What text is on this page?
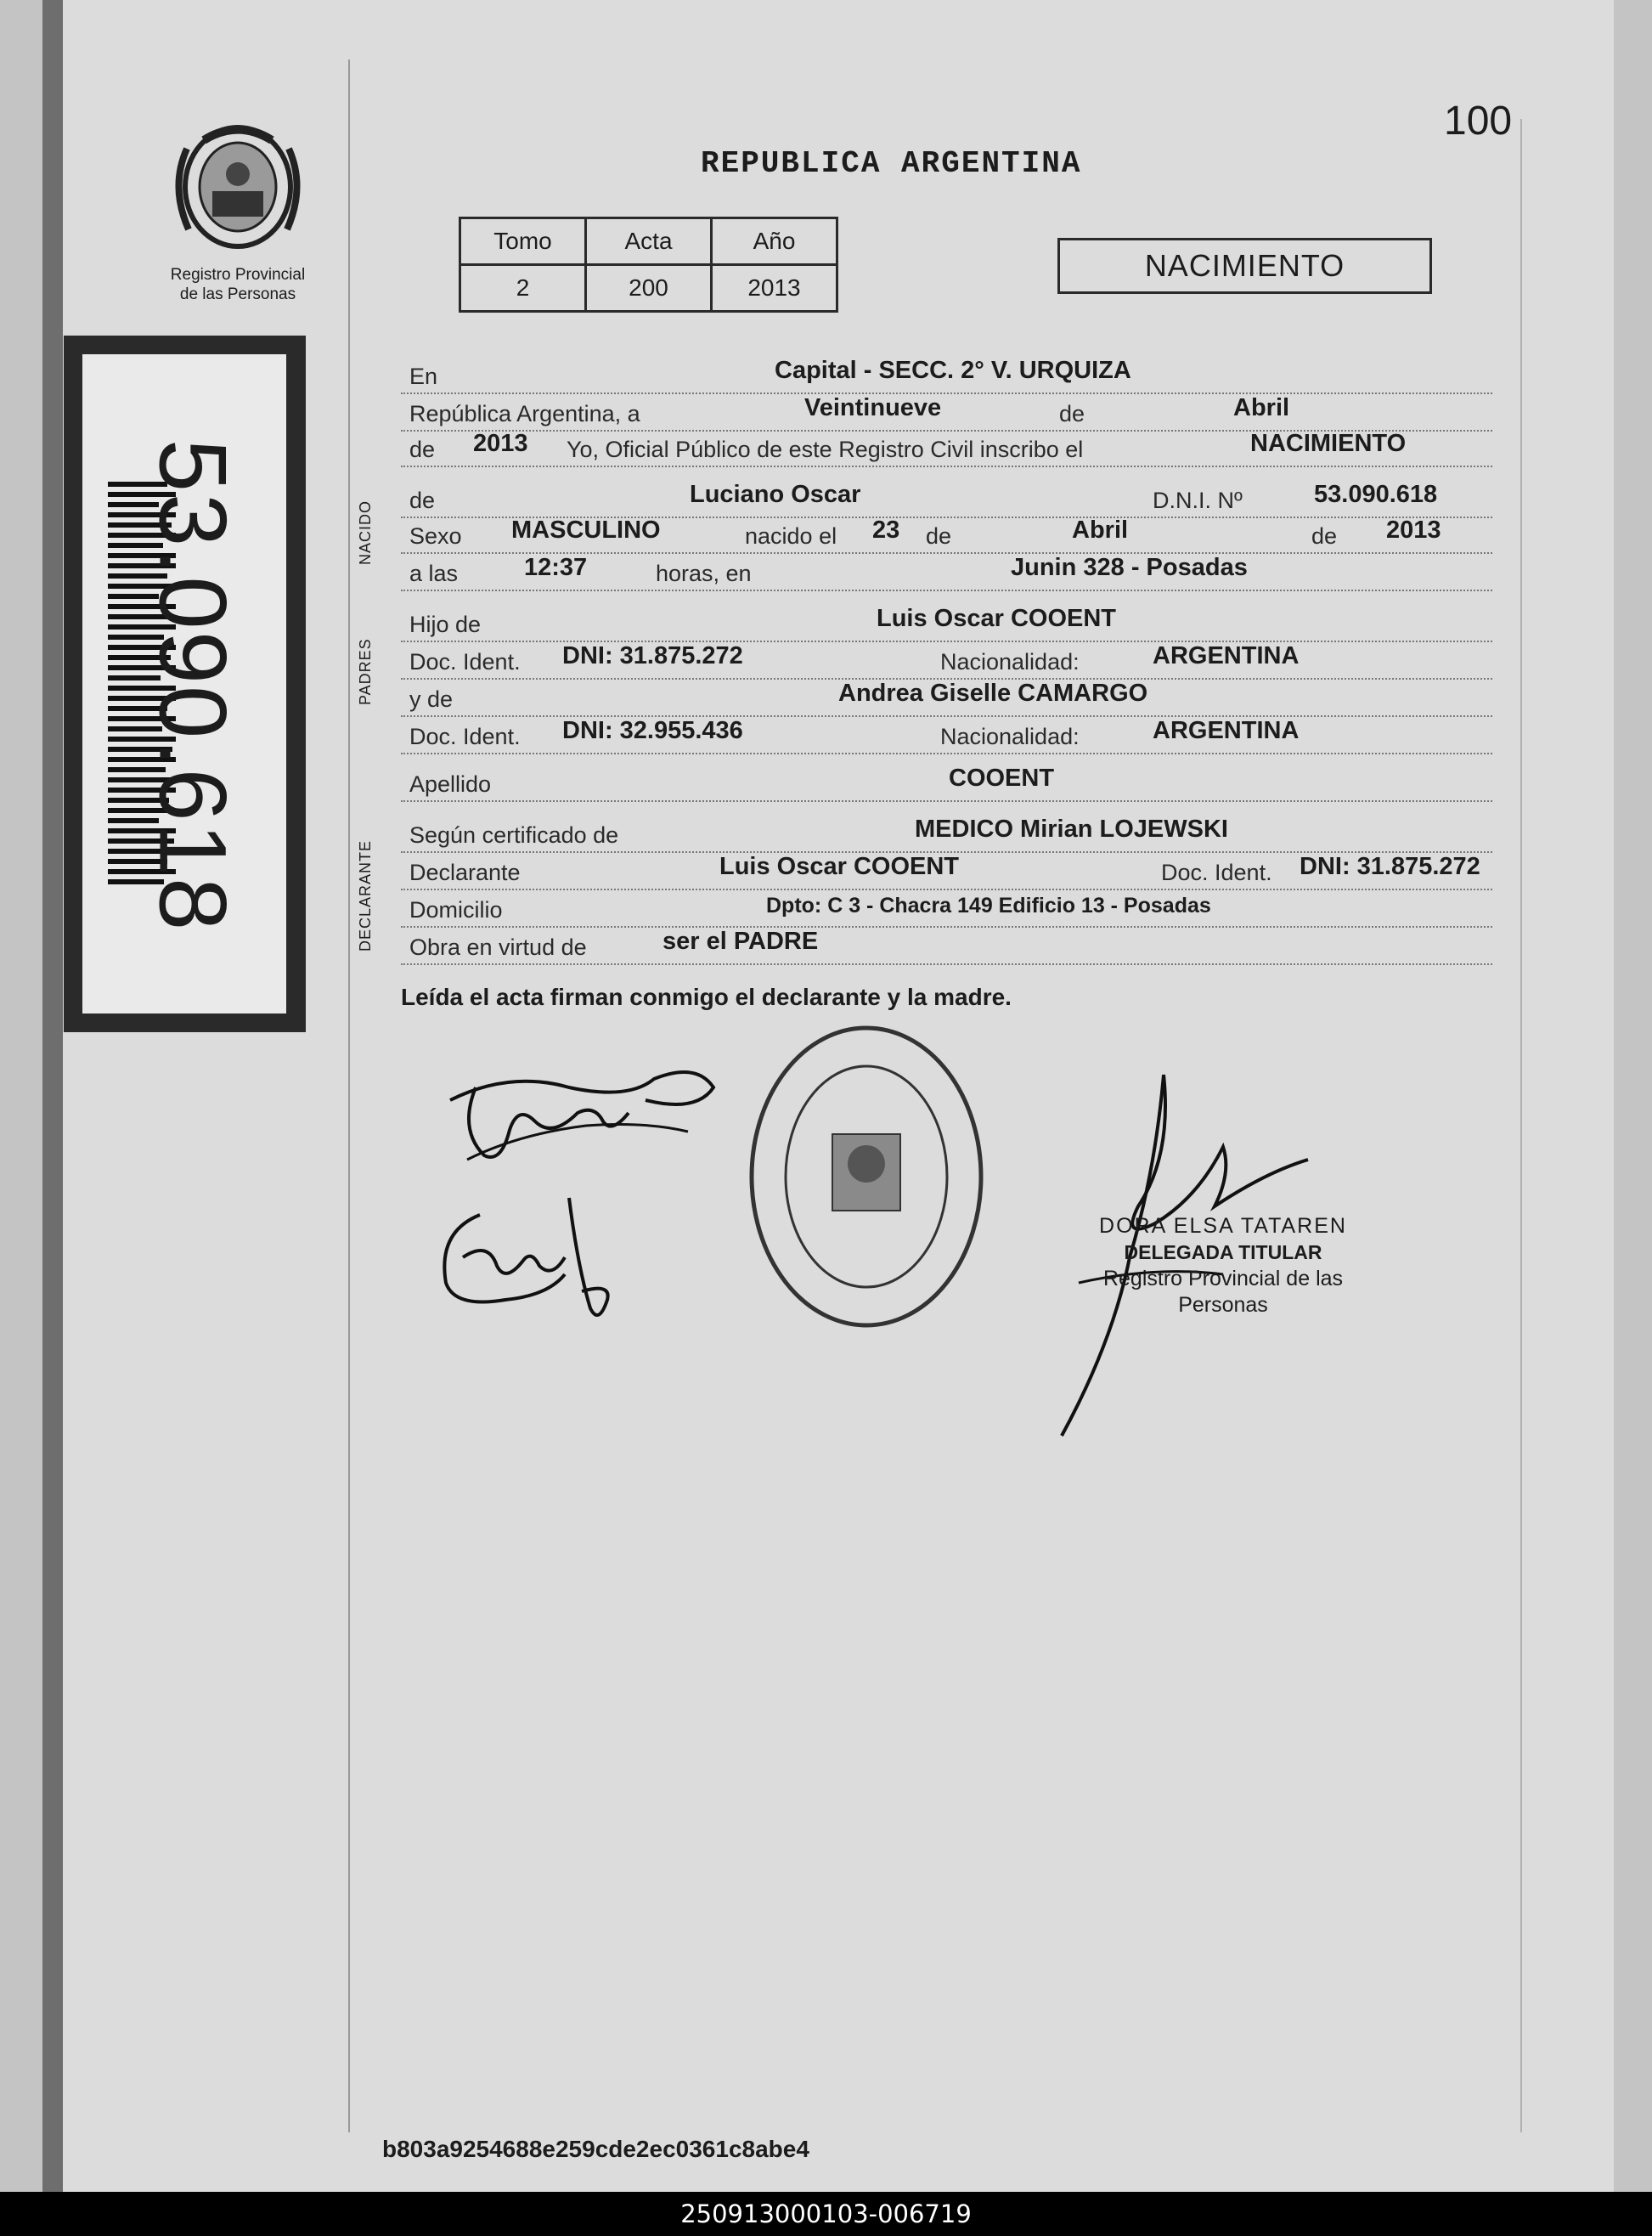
100
REPUBLICA ARGENTINA
Registro Provincial
de las Personas
53.090.618
Tomo	Acta	Año
2	200	2013
NACIMIENTO
NACIDO
PADRES
DECLARANTE
En	Capital - SECC. 2° V. URQUIZA
República Argentina, a	Veintinueve	de	Abril
de 2013 Yo, Oficial Público de este Registro Civil inscribo el	NACIMIENTO
de	Luciano Oscar	D.N.I. Nº	53.090.618
Sexo MASCULINO	nacido el 23 de	Abril	de 2013
a las	12:37	horas, en	Junin 328 - Posadas
Hijo de	Luis Oscar COOENT
Doc. Ident. DNI: 31.875.272	Nacionalidad:	ARGENTINA
y de	Andrea Giselle CAMARGO
Doc. Ident. DNI: 32.955.436	Nacionalidad:	ARGENTINA
Apellido	COOENT
Según certificado de	MEDICO Mirian LOJEWSKI
Declarante	Luis Oscar COOENT	Doc. Ident. DNI: 31.875.272
Domicilio	Dpto: C 3 - Chacra 149 Edificio 13 - Posadas
Obra en virtud de	ser el PADRE
Leída el acta firman conmigo el declarante y la madre.
DORA ELSA TATAREN
DELEGADA TITULAR
Registro Provincial de las Personas
b803a9254688e259cde2ec0361c8abe4
250913000103-006719
